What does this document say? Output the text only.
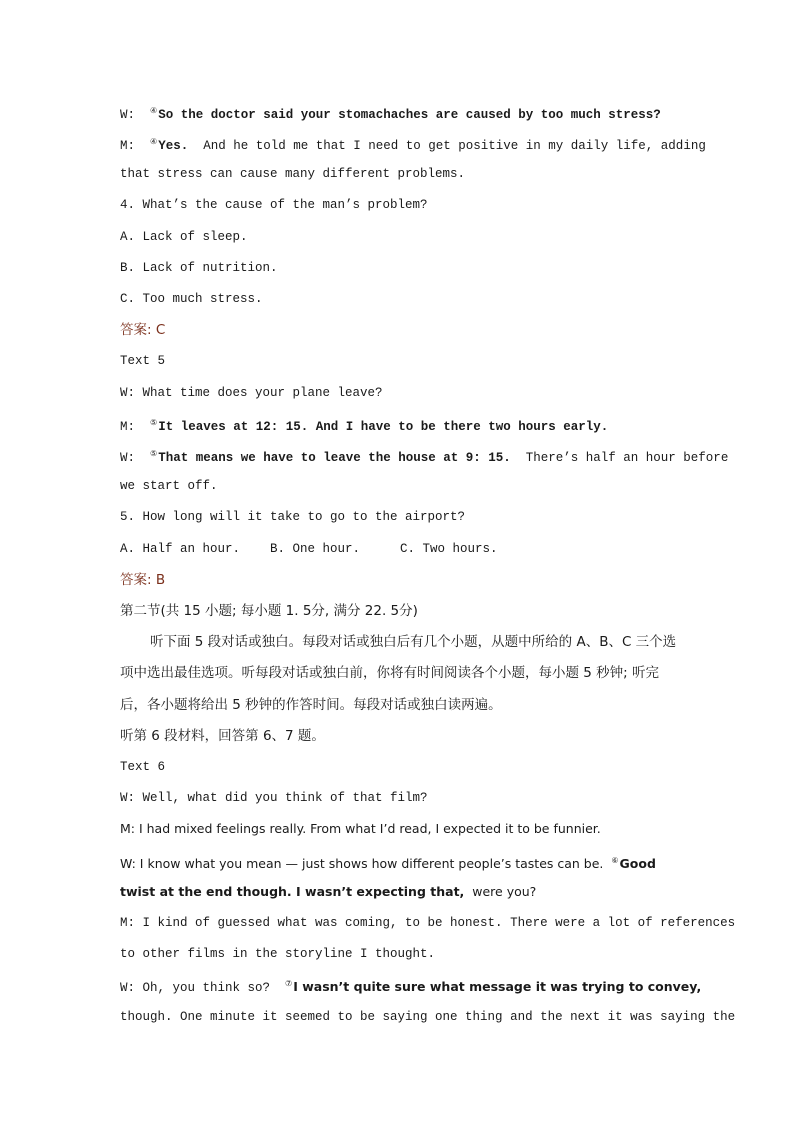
W: ④So the doctor said your stomachaches are caused by too much stress?
M: ④Yes. And he told me that I need to get positive in my daily life, adding
that stress can cause many different problems.
4. What’s the cause of the man’s problem?
A. Lack of sleep.
B. Lack of nutrition.
C. Too much stress.
答案: C
Text 5
W: What time does your plane leave?
M: ⑤It leaves at 12: 15. And I have to be there two hours early.
W: ⑤That means we have to leave the house at 9: 15. There’s half an hour before
we start off.
5. How long will it take to go to the airport?
A. Half an hour. B. One hour.	C. Two hours.
答案: B
第二节(共 15 小题; 每小题 1. 5分, 满分 22. 5分)
听下面 5 段对话或独白。每段对话或独白后有几个小题，从题中所给的 A、B、C 三个选
项中选出最佳选项。听每段对话或独白前，你将有时间阅读各个小题，每小题 5 秒钟; 听完
后，各小题将给出 5 秒钟的作答时间。每段对话或独白读两遍。
听第 6 段材料，回答第 6、7 题。
Text 6
W: Well, what did you think of that film?
M: I had mixed feelings really. From what I’d read, I expected it to be funnier.
W: I know what you mean — just shows how different people’s tastes can be. ⑥Good
twist at the end though. I wasn’t expecting that, were you?
M: I kind of guessed what was coming, to be honest. There were a lot of references
to other films in the storyline I thought.
W: Oh, you think so? ⑦I wasn’t quite sure what message it was trying to convey,
though. One minute it seemed to be saying one thing and the next it was saying the
